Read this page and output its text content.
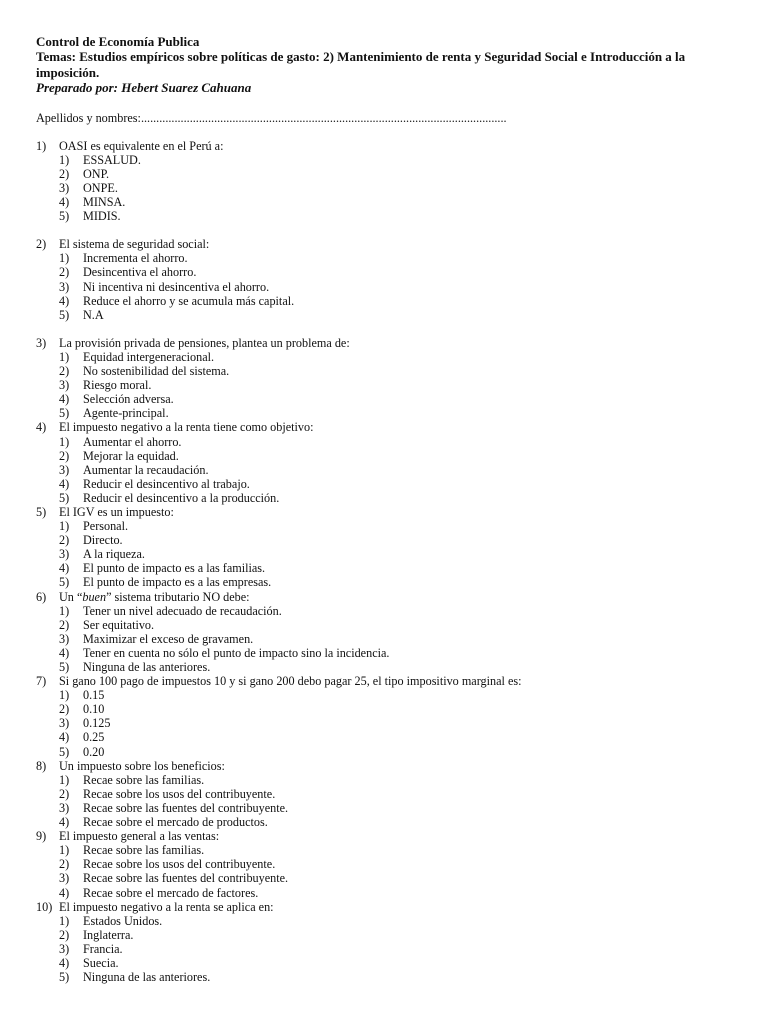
Control de Economía Publica
Temas: Estudios empíricos sobre políticas de gasto: 2) Mantenimiento de renta y Seguridad Social e Introducción a la imposición.
Preparado por: Hebert Suarez Cahuana
Apellidos y nombres:........................................................................................................................
1) OASI es equivalente en el Perú a:
1) ESSALUD.
2) ONP.
3) ONPE.
4) MINSA.
5) MIDIS.
2) El sistema de seguridad social:
1) Incrementa el ahorro.
2) Desincentiva el ahorro.
3) Ni incentiva ni desincentiva el ahorro.
4) Reduce el ahorro y se acumula más capital.
5) N.A
3) La provisión privada de pensiones, plantea un problema de:
1) Equidad intergeneracional.
2) No sostenibilidad del sistema.
3) Riesgo moral.
4) Selección adversa.
5) Agente-principal.
4) El impuesto negativo a la renta tiene como objetivo:
1) Aumentar el ahorro.
2) Mejorar la equidad.
3) Aumentar la recaudación.
4) Reducir el desincentivo al trabajo.
5) Reducir el desincentivo a la producción.
5) El IGV es un impuesto:
1) Personal.
2) Directo.
3) A la riqueza.
4) El punto de impacto es a las familias.
5) El punto de impacto es a las empresas.
6) Un “buen” sistema tributario NO debe:
1) Tener un nivel adecuado de recaudación.
2) Ser equitativo.
3) Maximizar el exceso de gravamen.
4) Tener en cuenta no sólo el punto de impacto sino la incidencia.
5) Ninguna de las anteriores.
7) Si gano 100 pago de impuestos 10 y si gano 200 debo pagar 25, el tipo impositivo marginal es:
1) 0.15
2) 0.10
3) 0.125
4) 0.25
5) 0.20
8) Un impuesto sobre los beneficios:
1) Recae sobre las familias.
2) Recae sobre los usos del contribuyente.
3) Recae sobre las fuentes del contribuyente.
4) Recae sobre el mercado de productos.
9) El impuesto general a las ventas:
1) Recae sobre las familias.
2) Recae sobre los usos del contribuyente.
3) Recae sobre las fuentes del contribuyente.
4) Recae sobre el mercado de factores.
10) El impuesto negativo a la renta se aplica en:
1) Estados Unidos.
2) Inglaterra.
3) Francia.
4) Suecia.
5) Ninguna de las anteriores.
